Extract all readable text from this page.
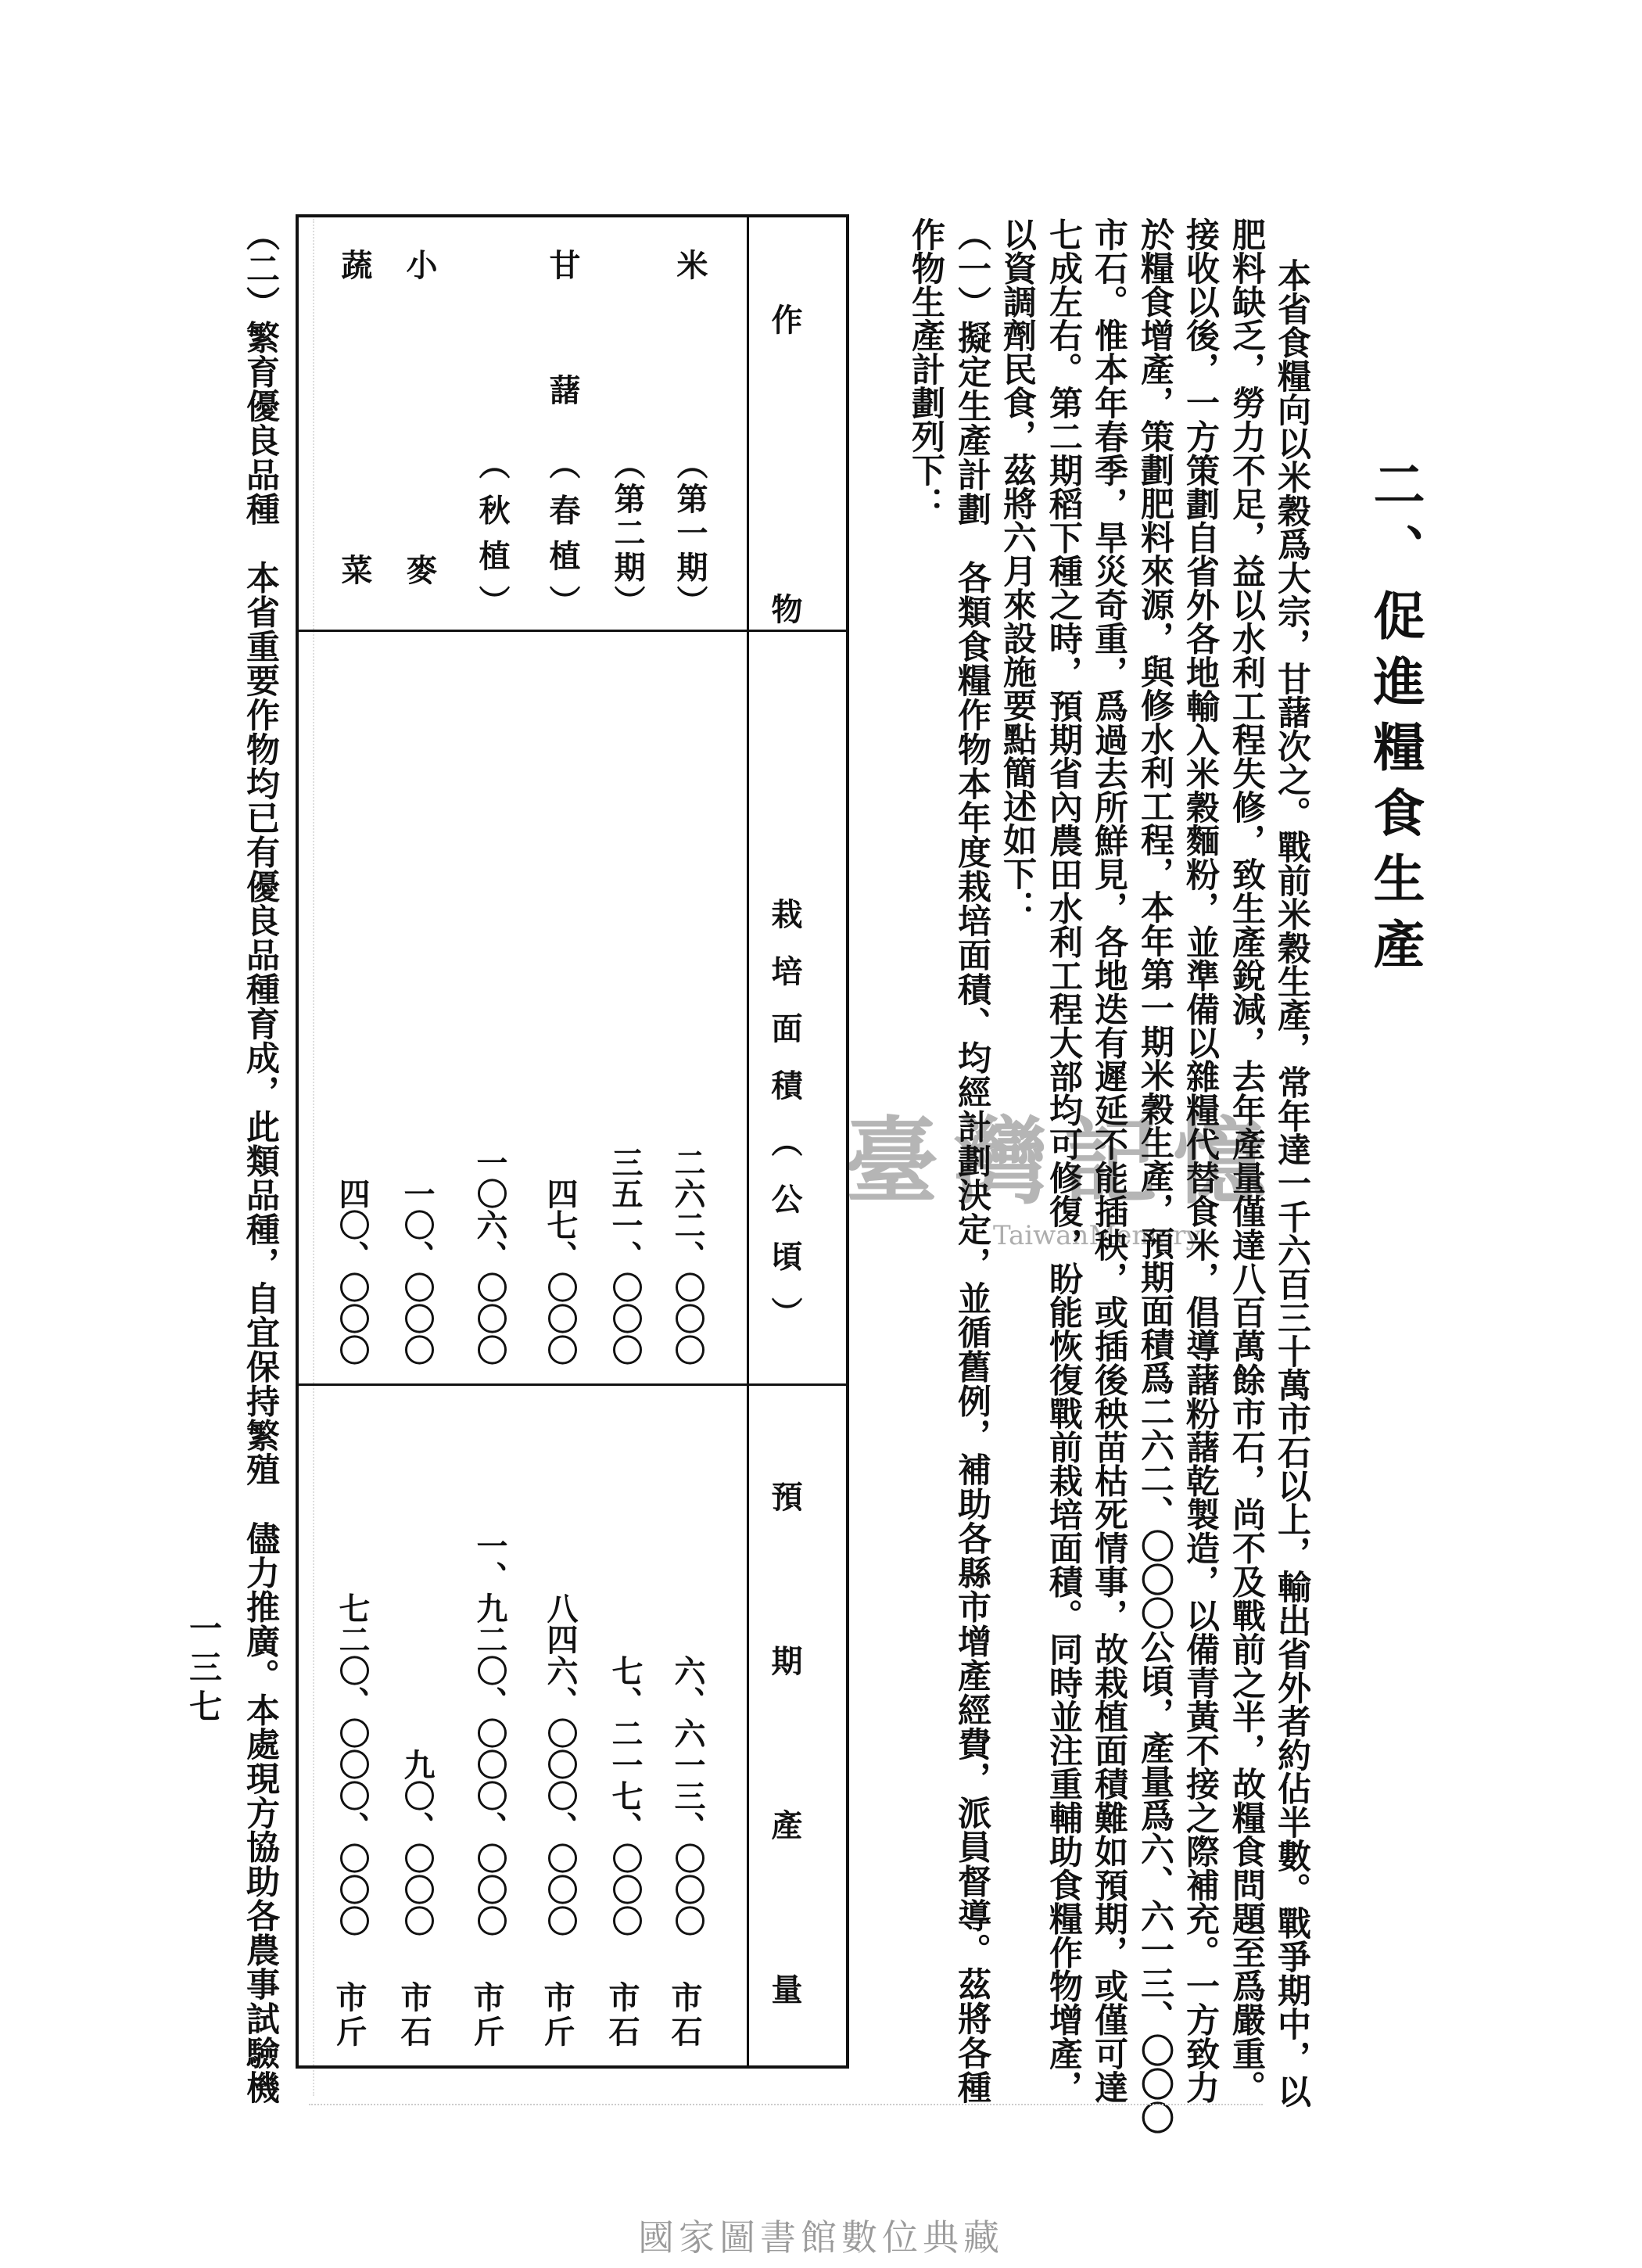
臺灣記憶
TaiwanMemory
二、促進糧食生產
本省食糧向以米穀爲大宗，甘藷次之。戰前米穀生產，常年達一千六百三十萬市石以上，輸出省外者約佔半數。戰爭期中，以
肥料缺乏，勞力不足，益以水利工程失修，致生產銳減，去年產量僅達八百萬餘市石，尚不及戰前之半，故糧食問題至爲嚴重。
接收以後，一方策劃自省外各地輸入米穀麵粉，並準備以雜糧代替食米，倡導藷粉藷乾製造，以備青黃不接之際補充。一方致力
於糧食增產，策劃肥料來源，與修水利工程，本年第一期米穀生產，預期面積爲二六二、〇〇〇公頃，產量爲六、六一三、〇〇〇
市石。惟本年春季，旱災奇重，爲過去所鮮見，各地迭有遲延不能插秧，或插後秧苗枯死情事，故栽植面積難如預期，或僅可達
七成左右。第二期稻下種之時，預期省內農田水利工程大部均可修復，盼能恢復戰前栽培面積。同時並注重輔助食糧作物增產，
以資調劑民食，茲將六月來設施要點簡述如下：
（一）擬定生產計劃　各類食糧作物本年度栽培面積、均經計劃決定，並循舊例，補助各縣市增產經費，派員督導。茲將各種
作物生產計劃列下：
作物
栽培面積（公頃）
預期產量
米
（第一期）
（第二期）
甘藷
（春植）
（秋植）
小麥
蔬菜
二六二、〇〇〇
三五一、〇〇〇
四七、〇〇〇
一〇六、〇〇〇
一〇、〇〇〇
四〇、〇〇〇
六、六一三、〇〇〇
七、二一七、〇〇〇
八四六、〇〇〇、〇〇〇
一、九二〇、〇〇〇、〇〇〇
九〇、〇〇〇
七二〇、〇〇〇、〇〇〇
市石
市石
市斤
市斤
市石
市斤
（二）繁育優良品種　本省重要作物均已有優良品種育成，此類品種，自宜保持繁殖　儘力推廣。本處現方協助各農事試驗機
一三七
國家圖書館數位典藏
